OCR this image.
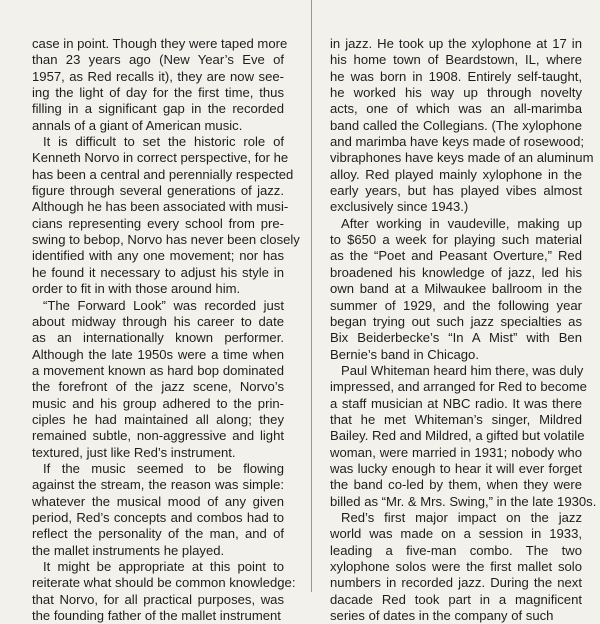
case in point. Though they were taped more
than 23 years ago (New Year’s Eve of
1957, as Red recalls it), they are now see-
ing the light of day for the first time, thus
filling in a significant gap in the recorded
annals of a giant of American music.
It is difficult to set the historic role of
Kenneth Norvo in correct perspective, for he
has been a central and perennially respected
figure through several generations of jazz.
Although he has been associated with musi-
cians representing every school from pre-
swing to bebop, Norvo has never been closely
identified with any one movement; nor has
he found it necessary to adjust his style in
order to fit in with those around him.
“The Forward Look” was recorded just
about midway through his career to date
as an internationally known performer.
Although the late 1950s were a time when
a movement known as hard bop dominated
the forefront of the jazz scene, Norvo’s
music and his group adhered to the prin-
ciples he had maintained all along; they
remained subtle, non-aggressive and light
textured, just like Red’s instrument.
If the music seemed to be flowing
against the stream, the reason was simple:
whatever the musical mood of any given
period, Red’s concepts and combos had to
reflect the personality of the man, and of
the mallet instruments he played.
It might be appropriate at this point to
reiterate what should be common knowledge:
that Norvo, for all practical purposes, was
the founding father of the mallet instrument
in jazz. He took up the xylophone at 17 in
his home town of Beardstown, IL, where
he was born in 1908. Entirely self-taught,
he worked his way up through novelty
acts, one of which was an all-marimba
band called the Collegians. (The xylophone
and marimba have keys made of rosewood;
vibraphones have keys made of an aluminum
alloy. Red played mainly xylophone in the
early years, but has played vibes almost
exclusively since 1943.)
After working in vaudeville, making up
to $650 a week for playing such material
as the “Poet and Peasant Overture,” Red
broadened his knowledge of jazz, led his
own band at a Milwaukee ballroom in the
summer of 1929, and the following year
began trying out such jazz specialties as
Bix Beiderbecke’s “In A Mist” with Ben
Bernie’s band in Chicago.
Paul Whiteman heard him there, was duly
impressed, and arranged for Red to become
a staff musician at NBC radio. It was there
that he met Whiteman’s singer, Mildred
Bailey. Red and Mildred, a gifted but volatile
woman, were married in 1931; nobody who
was lucky enough to hear it will ever forget
the band co-led by them, when they were
billed as “Mr. & Mrs. Swing,” in the late 1930s.
Red’s first major impact on the jazz
world was made on a session in 1933,
leading a five-man combo. The two
xylophone solos were the first mallet solo
numbers in recorded jazz. During the next
dacade Red took part in a magnificent
series of dates in the company of such
